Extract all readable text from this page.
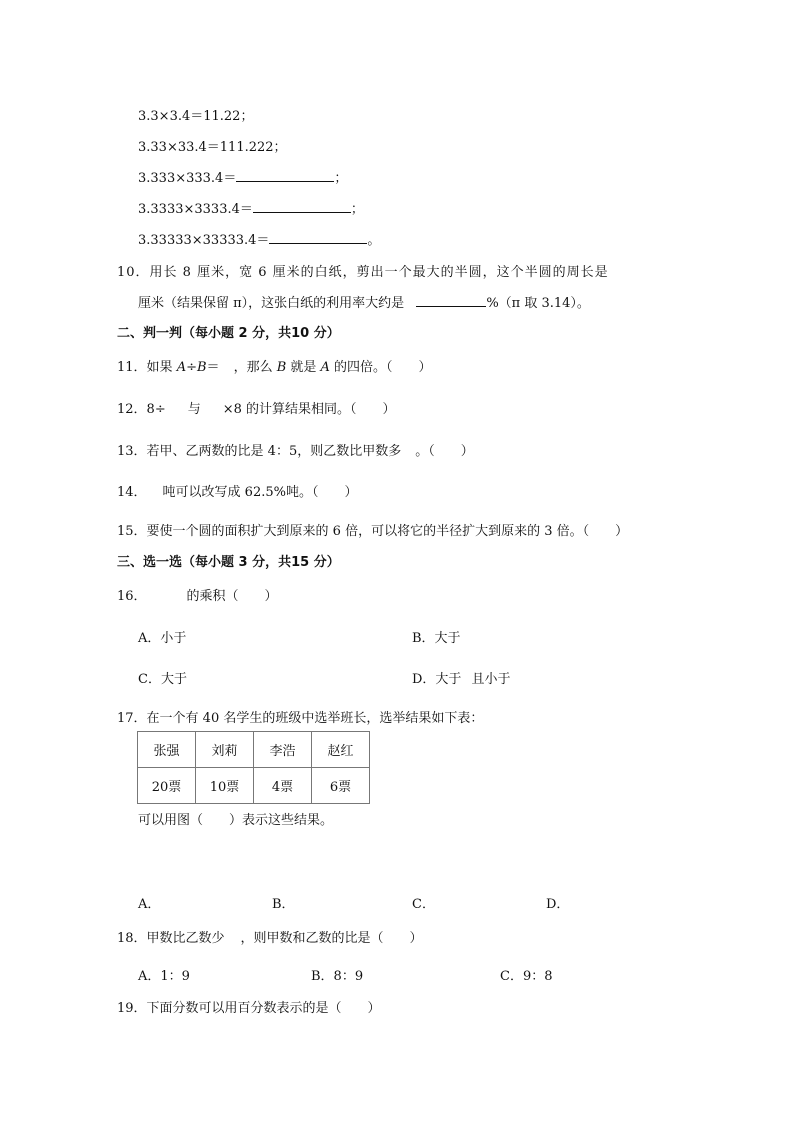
3.3×3.4＝11.22；
3.33×33.4＝111.222；
3.333×333.4＝	；
3.3333×3333.4＝	；
3.33333×33333.4＝	。
10．用长 8 厘米，宽 6 厘米的白纸，剪出一个最大的半圆，这个半圆的周长是
厘米（结果保留 π），这张白纸的利用率大约是	%（π 取 3.14）。
二、判一判（每小题 2 分，共10 分）
11．如果 A÷B＝ ，那么 B 就是 A 的四倍。（　　）
12．8÷ 与 ×8 的计算结果相同。（　　）
13．若甲、乙两数的比是 4：5，则乙数比甲数多 。（　　）
14． 吨可以改写成 62.5%吨。（　　）
15．要使一个圆的面积扩大到原来的 6 倍，可以将它的半径扩大到原来的 3 倍。（　　）
三、选一选（每小题 3 分，共15 分）
16．	的乘积（　　）
A．小于	B．大于
C．大于	D．大于 且小于
17．在一个有 40 名学生的班级中选举班长，选举结果如下表：
张强	刘莉	李浩	赵红
20票	10票	4票	6票
可以用图（　　）表示这些结果。
A．	B．	C．	D．
18．甲数比乙数少 ，则甲数和乙数的比是（　　）
A．1：9	B．8：9	C．9：8
19．下面分数可以用百分数表示的是（　　）
